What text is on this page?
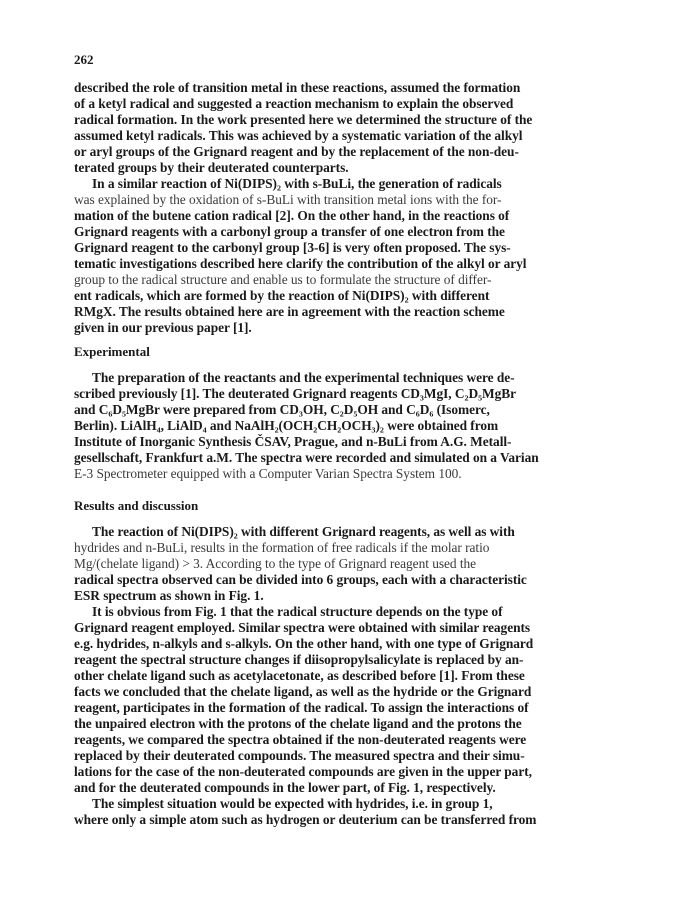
262
described the role of transition metal in these reactions, assumed the formation
of a ketyl radical and suggested a reaction mechanism to explain the observed
radical formation. In the work presented here we determined the structure of the
assumed ketyl radicals. This was achieved by a systematic variation of the alkyl
or aryl groups of the Grignard reagent and by the replacement of the non-deu-
terated groups by their deuterated counterparts.
In a similar reaction of Ni(DIPS)₂ with s-BuLi, the generation of radicals
was explained by the oxidation of s-BuLi with transition metal ions with the for-
mation of the butene cation radical [2]. On the other hand, in the reactions of
Grignard reagents with a carbonyl group a transfer of one electron from the
Grignard reagent to the carbonyl group [3-6] is very often proposed. The sys-
tematic investigations described here clarify the contribution of the alkyl or aryl
group to the radical structure and enable us to formulate the structure of differ-
ent radicals, which are formed by the reaction of Ni(DIPS)₂ with different
RMgX. The results obtained here are in agreement with the reaction scheme
given in our previous paper [1].
Experimental
The preparation of the reactants and the experimental techniques were de-
scribed previously [1]. The deuterated Grignard reagents CD₃MgI, C₂D₅MgBr
and C₆D₅MgBr were prepared from CD₃OH, C₂D₅OH and C₆D₆ (Isomerc,
Berlin). LiAlH₄, LiAlD₄ and NaAlH₂(OCH₂CH₂OCH₃)₂ were obtained from
Institute of Inorganic Synthesis ČSAV, Prague, and n-BuLi from A.G. Metall-
gesellschaft, Frankfurt a.M. The spectra were recorded and simulated on a Varian
E-3 Spectrometer equipped with a Computer Varian Spectra System 100.
Results and discussion
The reaction of Ni(DIPS)₂ with different Grignard reagents, as well as with
hydrides and n-BuLi, results in the formation of free radicals if the molar ratio
Mg/(chelate ligand) > 3. According to the type of Grignard reagent used the
radical spectra observed can be divided into 6 groups, each with a characteristic
ESR spectrum as shown in Fig. 1.
It is obvious from Fig. 1 that the radical structure depends on the type of
Grignard reagent employed. Similar spectra were obtained with similar reagents
e.g. hydrides, n-alkyls and s-alkyls. On the other hand, with one type of Grignard
reagent the spectral structure changes if diisopropylsalicylate is replaced by an-
other chelate ligand such as acetylacetonate, as described before [1]. From these
facts we concluded that the chelate ligand, as well as the hydride or the Grignard
reagent, participates in the formation of the radical. To assign the interactions of
the unpaired electron with the protons of the chelate ligand and the protons the
reagents, we compared the spectra obtained if the non-deuterated reagents were
replaced by their deuterated compounds. The measured spectra and their simu-
lations for the case of the non-deuterated compounds are given in the upper part,
and for the deuterated compounds in the lower part, of Fig. 1, respectively.
The simplest situation would be expected with hydrides, i.e. in group 1,
where only a simple atom such as hydrogen or deuterium can be transferred from
